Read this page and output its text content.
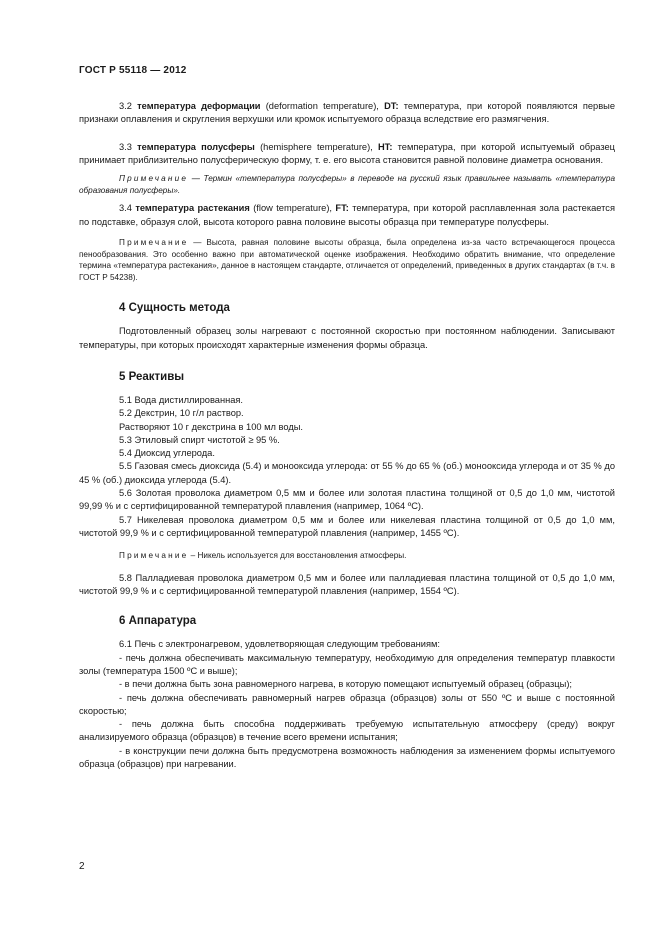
ГОСТ Р 55118 — 2012

3.2 температура деформации (deformation temperature), DT: температура, при которой появляются первые признаки оплавления и скругления верхушки или кромок испытуемого образца вследствие его размягчения.

3.3 температура полусферы (hemisphere temperature), HT: температура, при которой испытуемый образец принимает приблизительно полусферическую форму, т. е. его высота становится равной половине диаметра основания.

Примечание — Термин «температура полусферы» в переводе на русский язык правильнее называть «температура образования полусферы».

3.4 температура растекания (flow temperature), FT: температура, при которой расплавленная зола растекается по подставке, образуя слой, высота которого равна половине высоты образца при температуре полусферы.

Примечание — Высота, равная половине высоты образца, была определена из-за часто встречающегося процесса пенообразования. Это особенно важно при автоматической оценке изображения. Необходимо обратить внимание, что определение термина «температура растекания», данное в настоящем стандарте, отличается от определений, приведенных в других стандартах (в т.ч. в ГОСТ Р 54238).

4 Сущность метода

Подготовленный образец золы нагревают с постоянной скоростью при постоянном наблюдении. Записывают температуры, при которых происходят характерные изменения формы образца.

5 Реактивы

5.1 Вода дистиллированная.

5.2 Декстрин, 10 г/л раствор.

Растворяют 10 г декстрина в 100 мл воды.

5.3 Этиловый спирт чистотой ≥ 95 %.

5.4 Диоксид углерода.

5.5 Газовая смесь диоксида (5.4) и монооксида углерода: от 55 % до 65 % (об.) монооксида углерода и от 35 % до 45 % (об.) диоксида углерода (5.4).

5.6 Золотая проволока диаметром 0,5 мм и более или золотая пластина толщиной от 0,5 до 1,0 мм, чистотой 99,99 % и с сертифицированной температурой плавления (например, 1064 ºС).

5.7 Никелевая проволока диаметром 0,5 мм и более или никелевая пластина толщиной от 0,5 до 1,0 мм, чистотой 99,9 % и с сертифицированной температурой плавления (например, 1455 ºС).

Примечание – Никель используется для восстановления атмосферы.

5.8 Палладиевая проволока диаметром 0,5 мм и более или палладиевая пластина толщиной от 0,5 до 1,0 мм, чистотой 99,9 % и с сертифицированной температурой плавления (например, 1554 ºС).

6 Аппаратура

6.1 Печь с электронагревом, удовлетворяющая следующим требованиям:

- печь должна обеспечивать максимальную температуру, необходимую для определения температур плавкости золы (температура 1500 ºС и выше);

- в печи должна быть зона равномерного нагрева, в которую помещают испытуемый образец (образцы);

- печь должна обеспечивать равномерный нагрев образца (образцов) золы от 550 ºС и выше с постоянной скоростью;

- печь должна быть способна поддерживать требуемую испытательную атмосферу (среду) вокруг анализируемого образца (образцов) в течение всего времени испытания;

- в конструкции печи должна быть предусмотрена возможность наблюдения за изменением формы испытуемого образца (образцов) при нагревании.

2
